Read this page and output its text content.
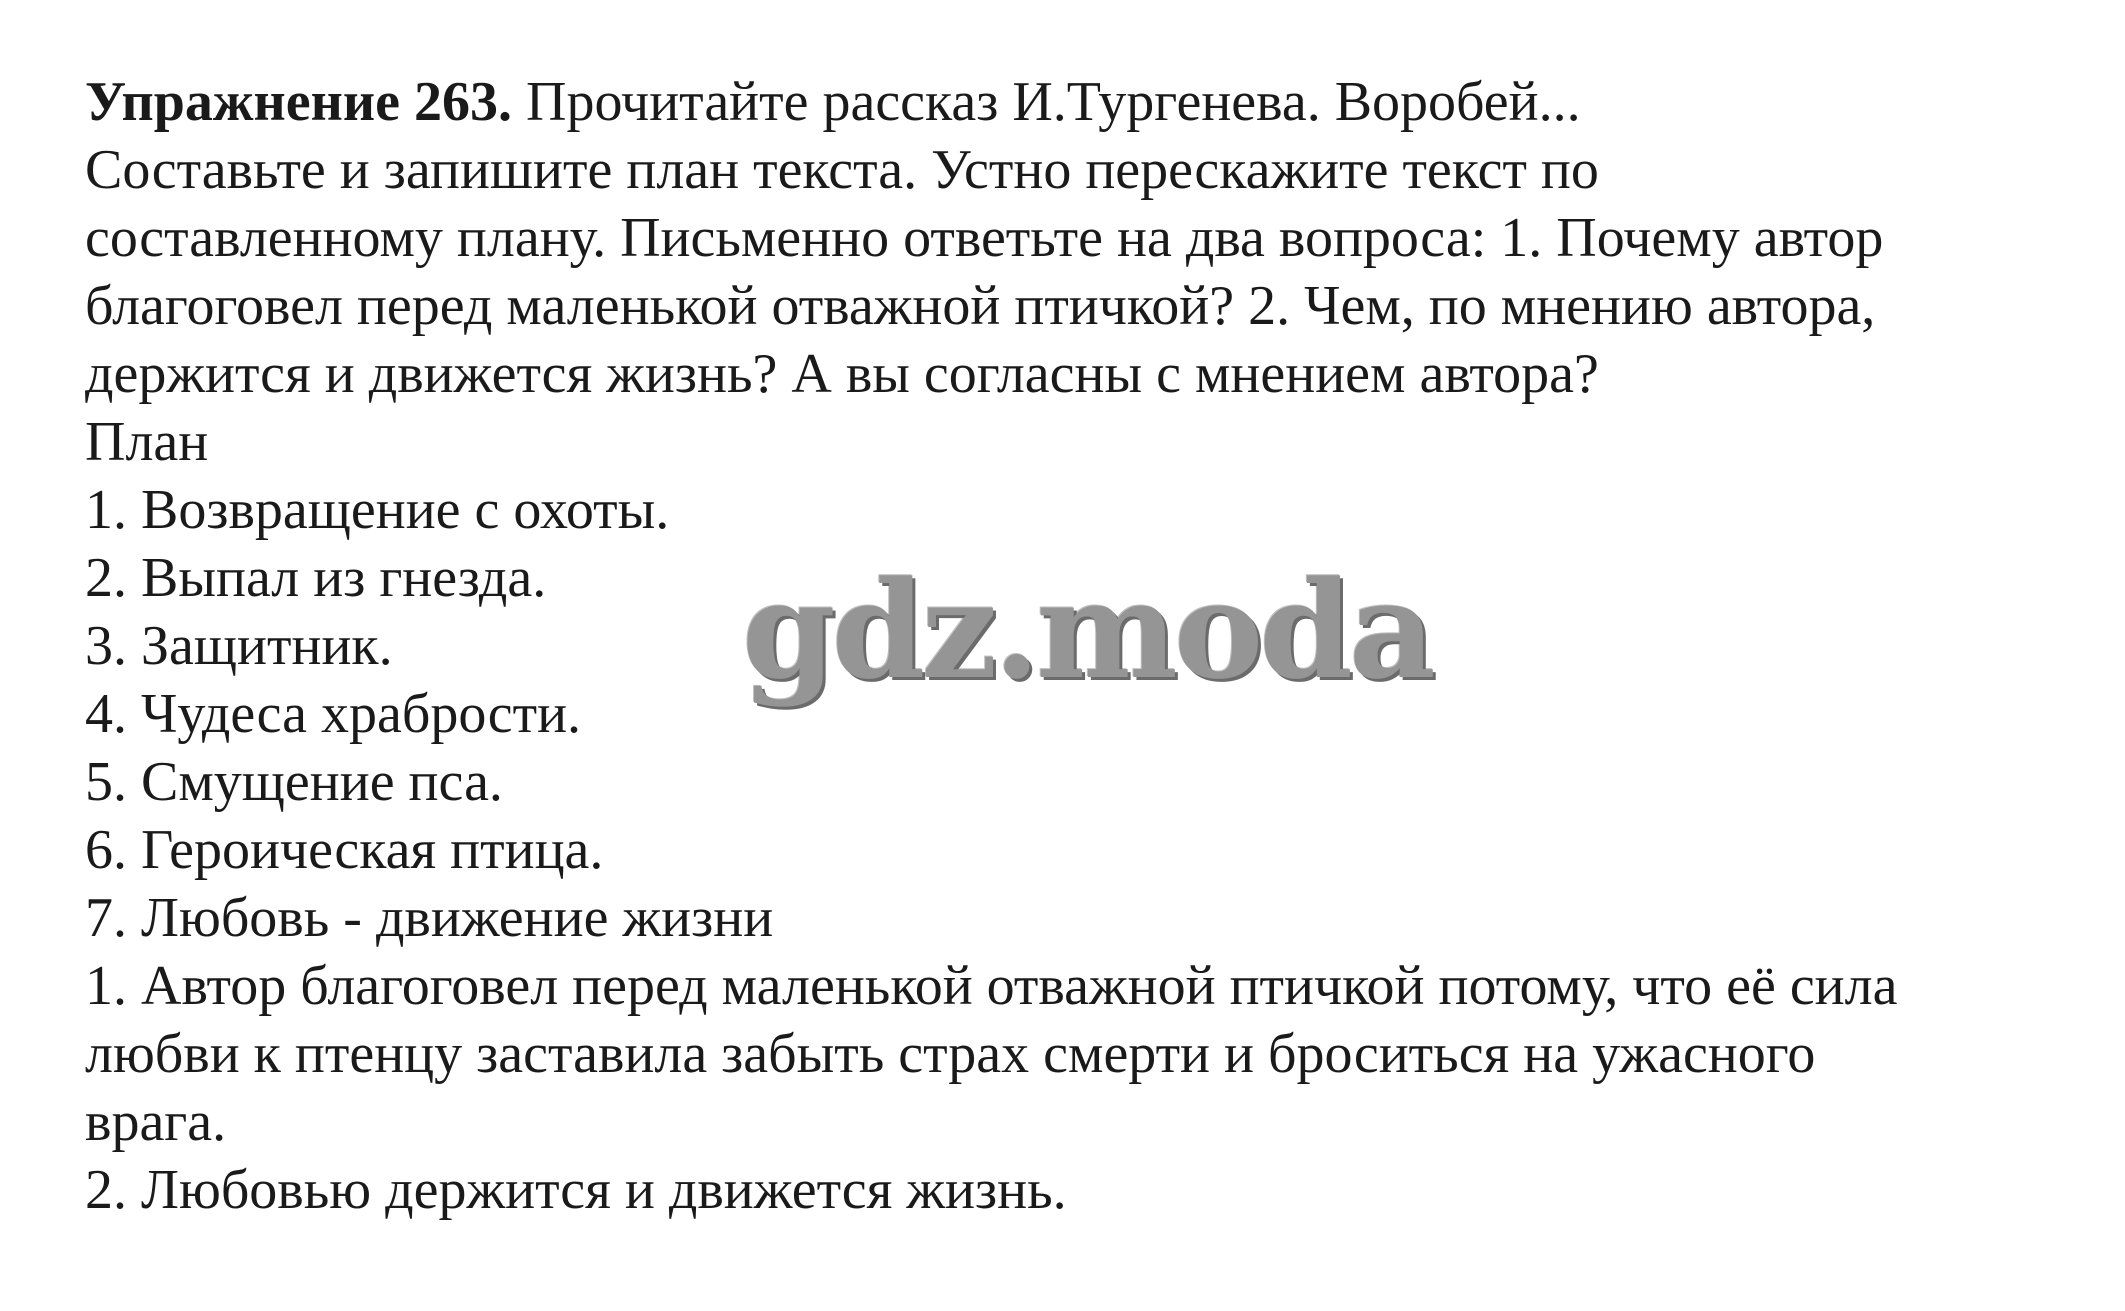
Упражнение 263. Прочитайте рассказ И.Тургенева. Воробей...
Составьте и запишите план текста. Устно перескажите текст по
составленному плану. Письменно ответьте на два вопроса: 1. Почему автор
благоговел перед маленькой отважной птичкой? 2. Чем, по мнению автора,
держится и движется жизнь? А вы согласны с мнением автора?
План
1. Возвращение с охоты.
2. Выпал из гнезда.
3. Защитник.
4. Чудеса храбрости.
5. Смущение пса.
6. Героическая птица.
7. Любовь - движение жизни
1. Автор благоговел перед маленькой отважной птичкой потому, что её сила
любви к птенцу заставила забыть страх смерти и броситься на ужасного
врага.
2. Любовью держится и движется жизнь.
gdz.moda
